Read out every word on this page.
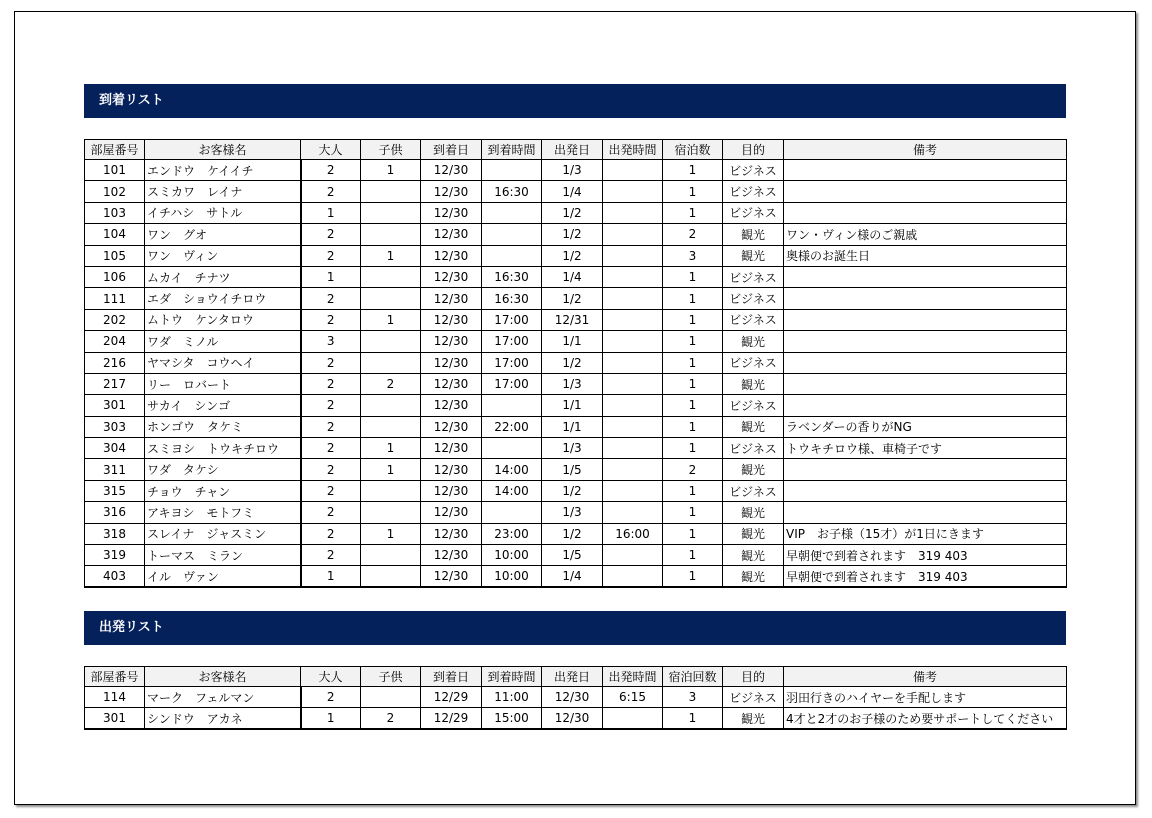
到着リスト
部屋番号	お客様名	大人	子供	到着日	到着時間	出発日	出発時間	宿泊数	目的	備考
101	エンドウ　ケイイチ	2	1	12/30		1/3		1	ビジネス	
102	スミカワ　レイナ	2		12/30	16:30	1/4		1	ビジネス	
103	イチハシ　サトル	1		12/30		1/2		1	ビジネス	
104	ワン　グオ	2		12/30		1/2		2	観光	ワン・ヴィン様のご親戚
105	ワン　ヴィン	2	1	12/30		1/2		3	観光	奥様のお誕生日
106	ムカイ　チナツ	1		12/30	16:30	1/4		1	ビジネス	
111	エダ　ショウイチロウ	2		12/30	16:30	1/2		1	ビジネス	
202	ムトウ　ケンタロウ	2	1	12/30	17:00	12/31		1	ビジネス	
204	ワダ　ミノル	3		12/30	17:00	1/1		1	観光	
216	ヤマシタ　コウヘイ	2		12/30	17:00	1/2		1	ビジネス	
217	リー　ロバート	2	2	12/30	17:00	1/3		1	観光	
301	サカイ　シンゴ	2		12/30		1/1		1	ビジネス	
303	ホンゴウ　タケミ	2		12/30	22:00	1/1		1	観光	ラベンダーの香りがNG
304	スミヨシ　トウキチロウ	2	1	12/30		1/3		1	ビジネス	トウキチロウ様、車椅子です
311	ワダ　タケシ	2	1	12/30	14:00	1/5		2	観光	
315	チョウ　チャン	2		12/30	14:00	1/2		1	ビジネス	
316	アキヨシ　モトフミ	2		12/30		1/3		1	観光	
318	スレイナ　ジャスミン	2	1	12/30	23:00	1/2	16:00	1	観光	VIP　お子様（15才）が1日にきます
319	トーマス　ミラン	2		12/30	10:00	1/5		1	観光	早朝便で到着されます　319 403
403	イル　ヴァン	1		12/30	10:00	1/4		1	観光	早朝便で到着されます　319 403
出発リスト
部屋番号	お客様名	大人	子供	到着日	到着時間	出発日	出発時間	宿泊回数	目的	備考
114	マーク　フェルマン	2		12/29	11:00	12/30	6:15	3	ビジネス	羽田行きのハイヤーを手配します
301	シンドウ　アカネ	1	2	12/29	15:00	12/30		1	観光	4才と2才のお子様のため要サポートしてください
